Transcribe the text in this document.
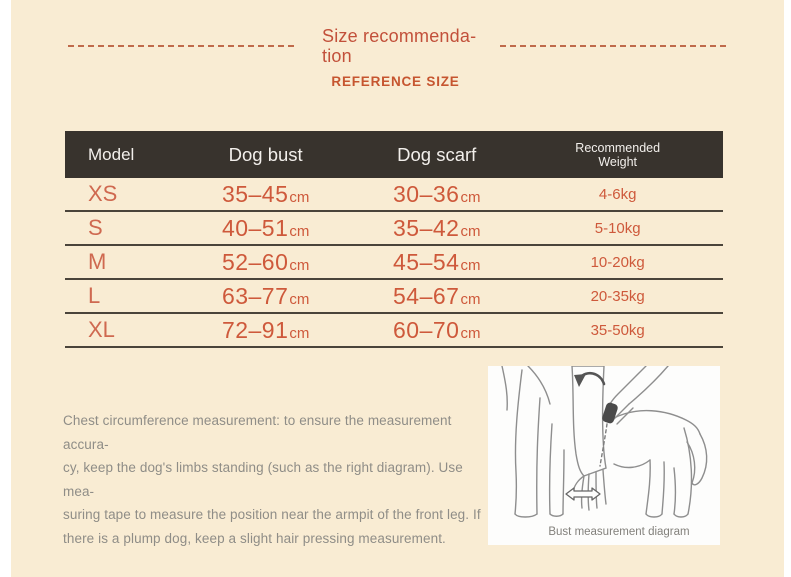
Size recommenda-
tion
REFERENCE SIZE
Model	Dog bust	Dog scarf	Recommended
Weight
XS	35–45cm	30–36cm	4-6kg
S	40–51cm	35–42cm	5-10kg
M	52–60cm	45–54cm	10-20kg
L	63–77cm	54–67cm	20-35kg
XL	72–91cm	60–70cm	35-50kg
Chest circumference measurement: to ensure the measurement accura-
cy, keep the dog's limbs standing (such as the right diagram). Use mea-
suring tape to measure the position near the armpit of the front leg. If
there is a plump dog, keep a slight hair pressing measurement.	Bust measurement diagram
